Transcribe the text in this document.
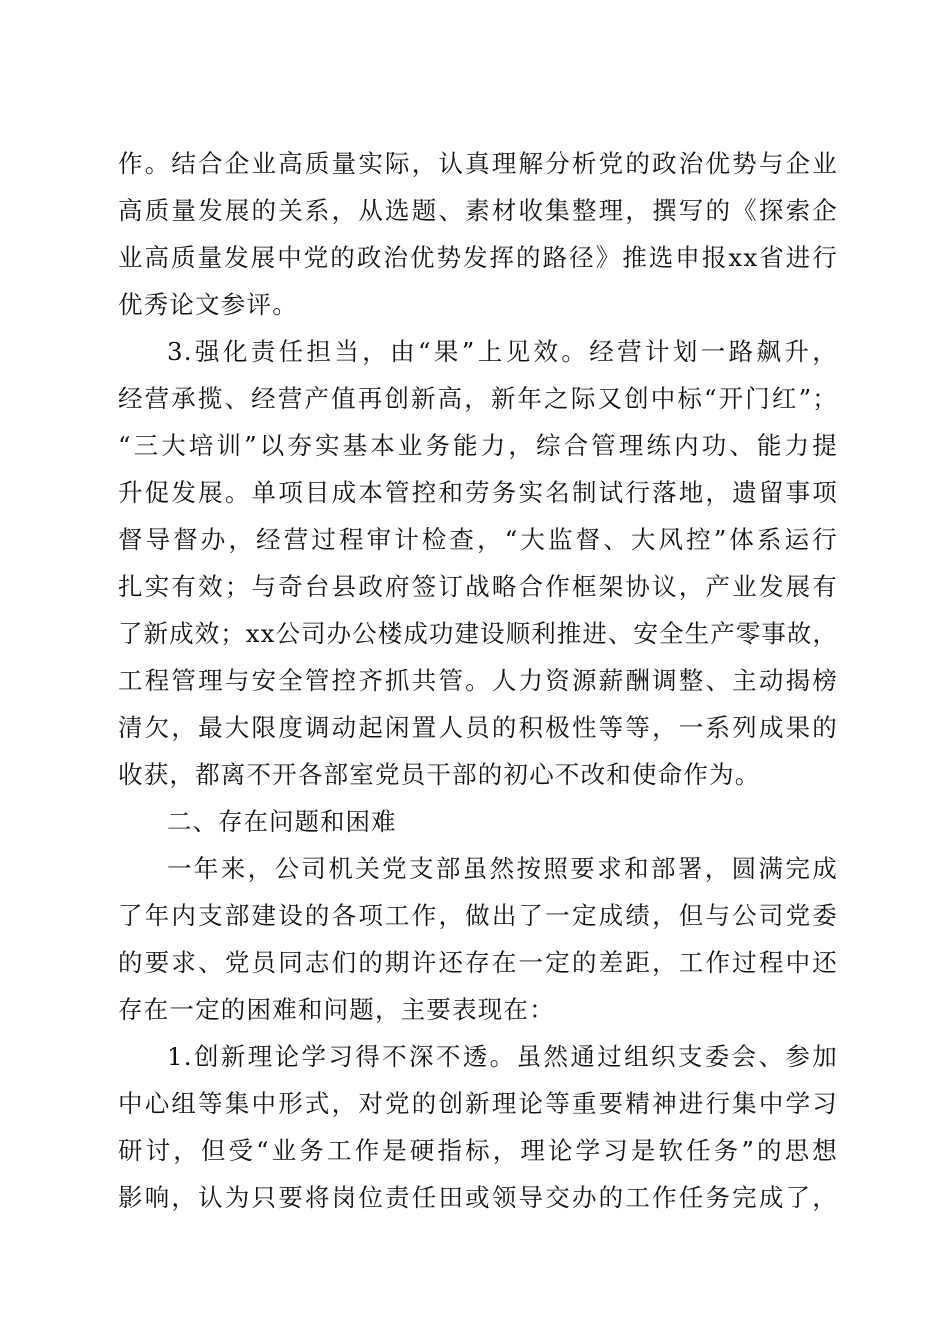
作。结合企业高质量实际，认真理解分析党的政治优势与企业
高质量发展的关系，从选题、素材收集整理，撰写的《探索企
业高质量发展中党的政治优势发挥的路径》推选申报xx省进行
优秀论文参评。
3.强化责任担当，由“果”上见效。经营计划一路飙升，
经营承揽、经营产值再创新高，新年之际又创中标“开门红”；
“三大培训”以夯实基本业务能力，综合管理练内功、能力提
升促发展。单项目成本管控和劳务实名制试行落地，遗留事项
督导督办，经营过程审计检查，“大监督、大风控”体系运行
扎实有效；与奇台县政府签订战略合作框架协议，产业发展有
了新成效；xx公司办公楼成功建设顺利推进、安全生产零事故，
工程管理与安全管控齐抓共管。人力资源薪酬调整、主动揭榜
清欠，最大限度调动起闲置人员的积极性等等，一系列成果的
收获，都离不开各部室党员干部的初心不改和使命作为。
二、存在问题和困难
一年来，公司机关党支部虽然按照要求和部署，圆满完成
了年内支部建设的各项工作，做出了一定成绩，但与公司党委
的要求、党员同志们的期许还存在一定的差距，工作过程中还
存在一定的困难和问题，主要表现在：
1.创新理论学习得不深不透。虽然通过组织支委会、参加
中心组等集中形式，对党的创新理论等重要精神进行集中学习
研讨，但受“业务工作是硬指标，理论学习是软任务”的思想
影响，认为只要将岗位责任田或领导交办的工作任务完成了，
